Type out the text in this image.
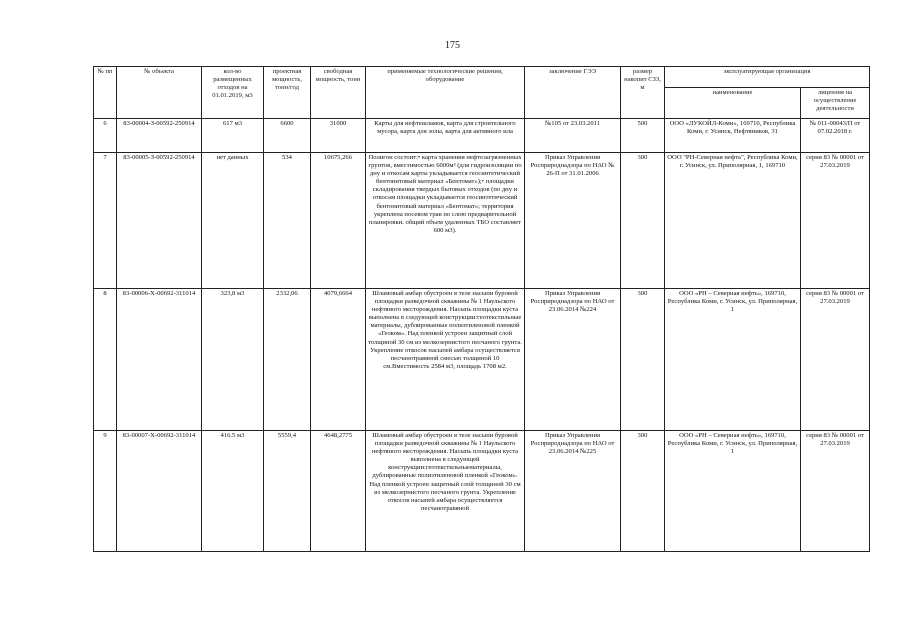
175
№ пп	№ объекта	кол-во размещенных отходов на 01.01.2019, м3	проектная мощность, тонн/год	свободная мощность, тонн	применяемые технологические решения, оборудование	заключение ГЭЭ	размер накопит СЗЗ, м	эксплуатирующая организация	
								наименование	лицензия на осуществление деятельности
6	83-00004-З-00592-250914	617 м3	6600	31000	Карты для нефтешламов, карта для строительного мусора, карта для золы, карта для активного ила	№105 от 23.03.2011	500	ООО «ЛУКОЙЛ-Коми», 169710, Республика Коми, г. Усинск, Нефтяников, 31	№ 011-00043/П от 07.02.2018 г.
7	83-00005-З-00592-250914	нет данных	534	10675,266	Полигон состоит:• карта хранения нефтезагрязненных грунтов, вместимостью 6000м³ (для гидроизоляции по дну и откосам карты укладывается геосинтетический бентонитовый материал «Бентомат»);• площадки складирования твердых бытовых отходов (по дну и откосам площадки укладывается геосинтетический бентонитовый материал «Бентомат»; территория укреплена посевом трав по слою предварительной планировки. общий объем удаленных ТБО составляет 600 м3).	Приказ Управления Росприроднадзора по НАО № 26-П от 31.01.2006	300	ООО "РН-Северная нефть", Республика Коми, г. Усинск, ул. Приполярная, 1, 169710	серия 83 № 00001 от 27.03.2019
8	83-00006-Х-00692-311014	323,8 м3	2332,06	4079,6664	Шламовый амбар обустроен в теле насыпи буровой площадки разведочной скважины № 1 Наульского нефтяного месторождения. Насыпь площадки куста выполнена в следующей конструкции:геотекстильные материалы, дублированные полиэтиленовой пленкой «Геоком». Над пленкой устроен защитный слой толщиной 30 см из мелкозернистого песчаного грунта. Укрепление откосов насыпей амбара осуществляется песчанотравяной смесью толщиной 10 см.Вместимость 2584 м3, площадь 1708 м2.	Приказ Управления Росприроднадзора по НАО от 23.06.2014 №224	300	ООО «РН – Северная нефть», 169710, Республика Коми, г. Усинск, ул. Приполярная, 1	серия 83 № 00001 от 27.03.2019
9	83-00007-Х-00692-311014	416.5 м3	5559,4	4648,2775	Шламовый амбар обустроен в теле насыпи буровой площадки разведочной скважины № 1 Наульского нефтяного месторождения. Насыпь площадки куста выполнена в следующей конструкции:геотекстильныематериалы, дублированные полиэтиленовой пленкой «Геоком». Над пленкой устроен защитный слой толщиной 30 см из мелкозернистого песчаного грунта. Укрепление откосов насыпей амбара осуществляется песчанотравяной	Приказ Управления Росприроднадзора по НАО от 23.06.2014 №225	300	ООО «РН – Северная нефть», 169710, Республика Коми, г. Усинск, ул. Приполярная, 1	серия 83 № 00001 от 27.03.2019
